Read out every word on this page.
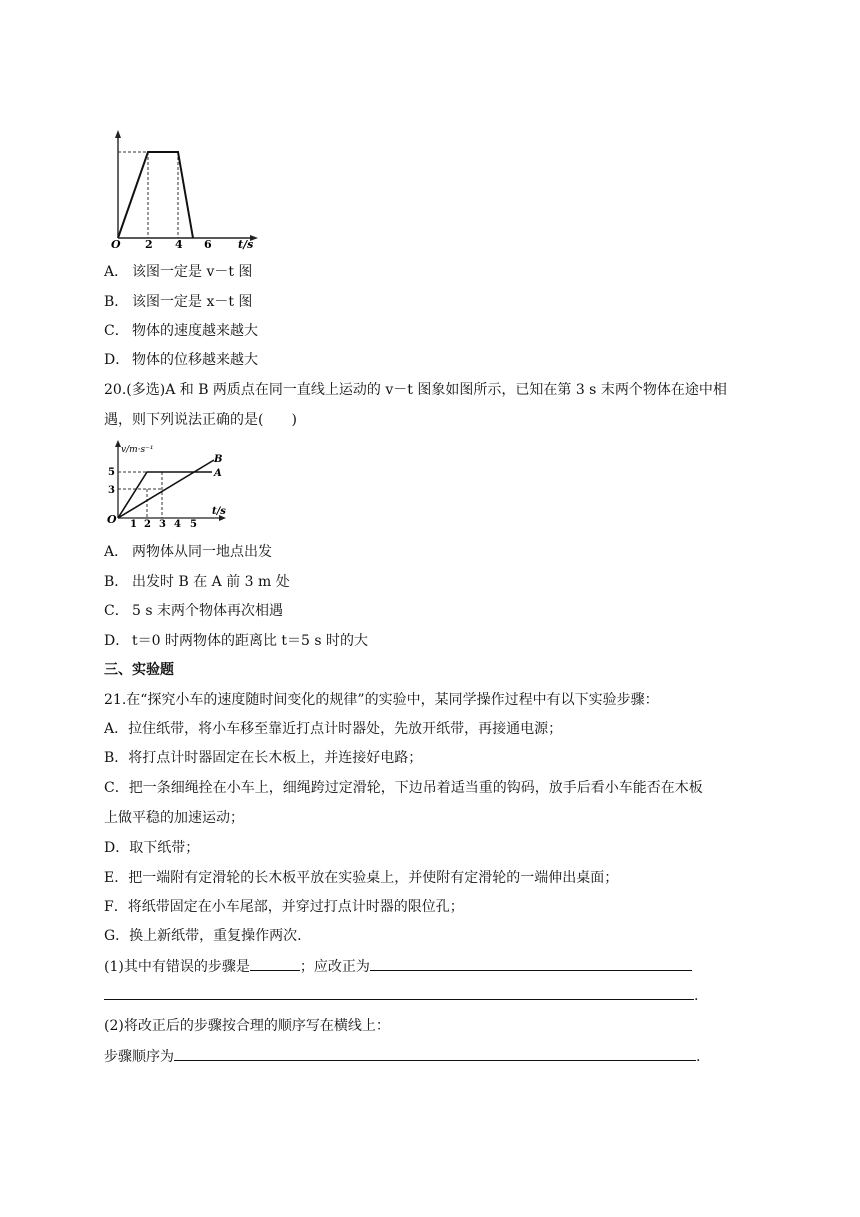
O 2 4 6 t/s
A． 该图一定是 v－t 图
B． 该图一定是 x－t 图
C． 物体的速度越来越大
D． 物体的位移越来越大
20.(多选)A 和 B 两质点在同一直线上运动的 v－t 图象如图所示，已知在第 3 s 末两个物体在途中相
遇，则下列说法正确的是(　　)
v/m·s⁻¹
5
3
O 1 2 3 4 5
t/s
B
A
A． 两物体从同一地点出发
B． 出发时 B 在 A 前 3 m 处
C． 5 s 末两个物体再次相遇
D． t＝0 时两物体的距离比 t＝5 s 时的大
三、实验题
21.在“探究小车的速度随时间变化的规律”的实验中，某同学操作过程中有以下实验步骤：
A．拉住纸带，将小车移至靠近打点计时器处，先放开纸带，再接通电源；
B．将打点计时器固定在长木板上，并连接好电路；
C．把一条细绳拴在小车上，细绳跨过定滑轮，下边吊着适当重的钩码，放手后看小车能否在木板
上做平稳的加速运动；
D．取下纸带；
E．把一端附有定滑轮的长木板平放在实验桌上，并使附有定滑轮的一端伸出桌面；
F．将纸带固定在小车尾部，并穿过打点计时器的限位孔；
G．换上新纸带，重复操作两次.
(1)其中有错误的步骤是	；应改正为
.
(2)将改正后的步骤按合理的顺序写在横线上：
步骤顺序为	.
